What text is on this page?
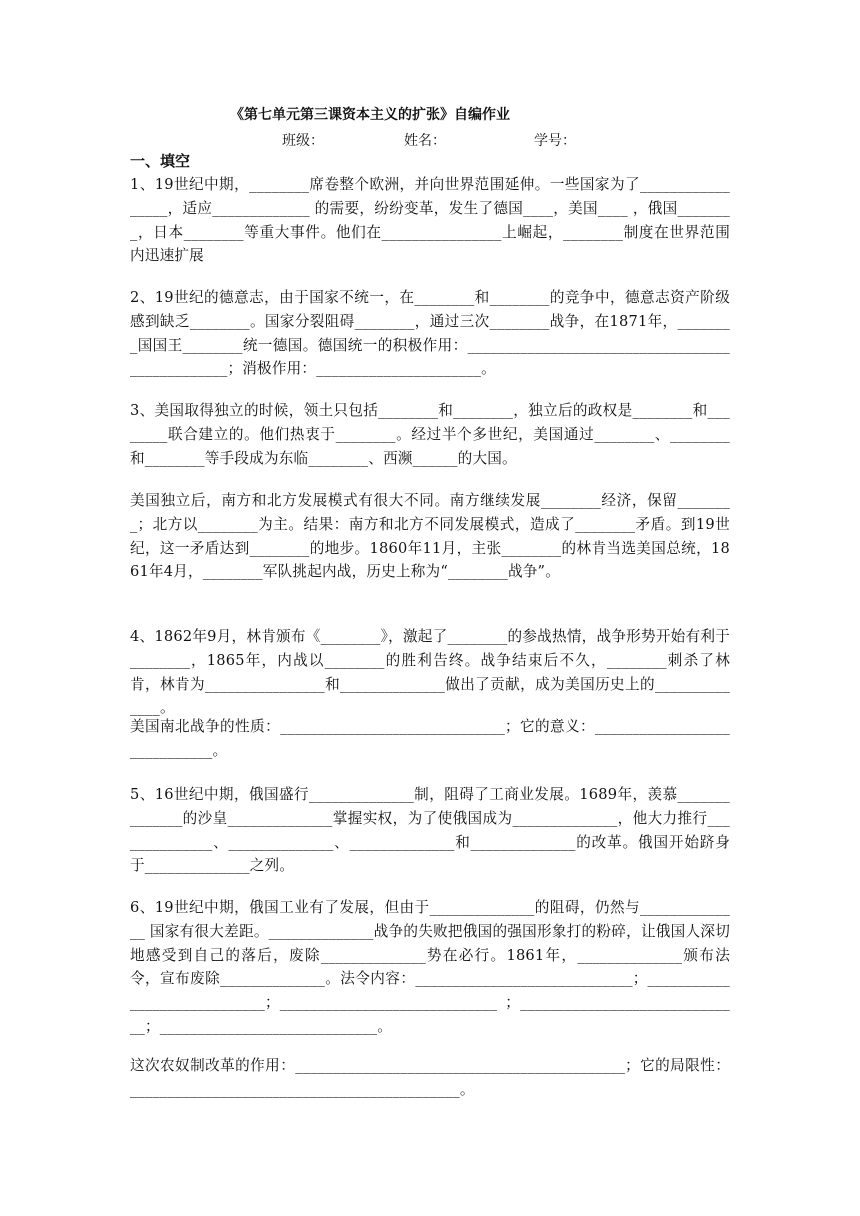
《第七单元第三课资本主义的扩张》自编作业
班级：	姓名：	学号：
一、填空
1、19世纪中期，________席卷整个欧洲，并向世界范围延伸。一些国家为了_________________，适应_____________ 的需要，纷纷变革，发生了德国____，美国____ ，俄国________，日本________等重大事件。他们在________________上崛起，________制度在世界范围内迅速扩展
2、19世纪的德意志，由于国家不统一，在________和________的竞争中，德意志资产阶级感到缺乏________。国家分裂阻碍________，通过三次________战争，在1871年，________国国王________统一德国。德国统一的积极作用：________________________________________________；消极作用：______________________。
3、美国取得独立的时候，领土只包括________和________，独立后的政权是________和________联合建立的。他们热衷于________。经过半个多世纪，美国通过________、________和________等手段成为东临________、西濒______的大国。
美国独立后，南方和北方发展模式有很大不同。南方继续发展________经济，保留________；北方以________为主。结果：南方和北方不同发展模式，造成了________矛盾。到19世纪，这一矛盾达到________的地步。1860年11月，主张________的林肯当选美国总统，1861年4月，________军队挑起内战，历史上称为“________战争”。
4、1862年9月，林肯颁布《________》，激起了________的参战热情，战争形势开始有利于________，1865年，内战以________的胜利告终。战争结束后不久，________刺杀了林肯，林肯为________________和______________做出了贡献，成为美国历史上的______________。
美国南北战争的性质：______________________________；它的意义：_____________________________。
5、16世纪中期，俄国盛行______________制，阻碍了工商业发展。1689年，羡慕______________的沙皇______________掌握实权，为了使俄国成为______________，他大力推行______________、______________、______________和______________的改革。俄国开始跻身于______________之列。
6、19世纪中期，俄国工业有了发展，但由于______________的阻碍，仍然与______________ 国家有很大差距。______________战争的失败把俄国的强国形象打的粉碎，让俄国人深切地感受到自己的落后，废除______________势在必行。1861年，______________颁布法令，宣布废除______________。法令内容：_____________________________；_____________________________；_____________________________ ；______________________________；_____________________________。
这次农奴制改革的作用：____________________________________________；它的局限性：____________________________________________。
